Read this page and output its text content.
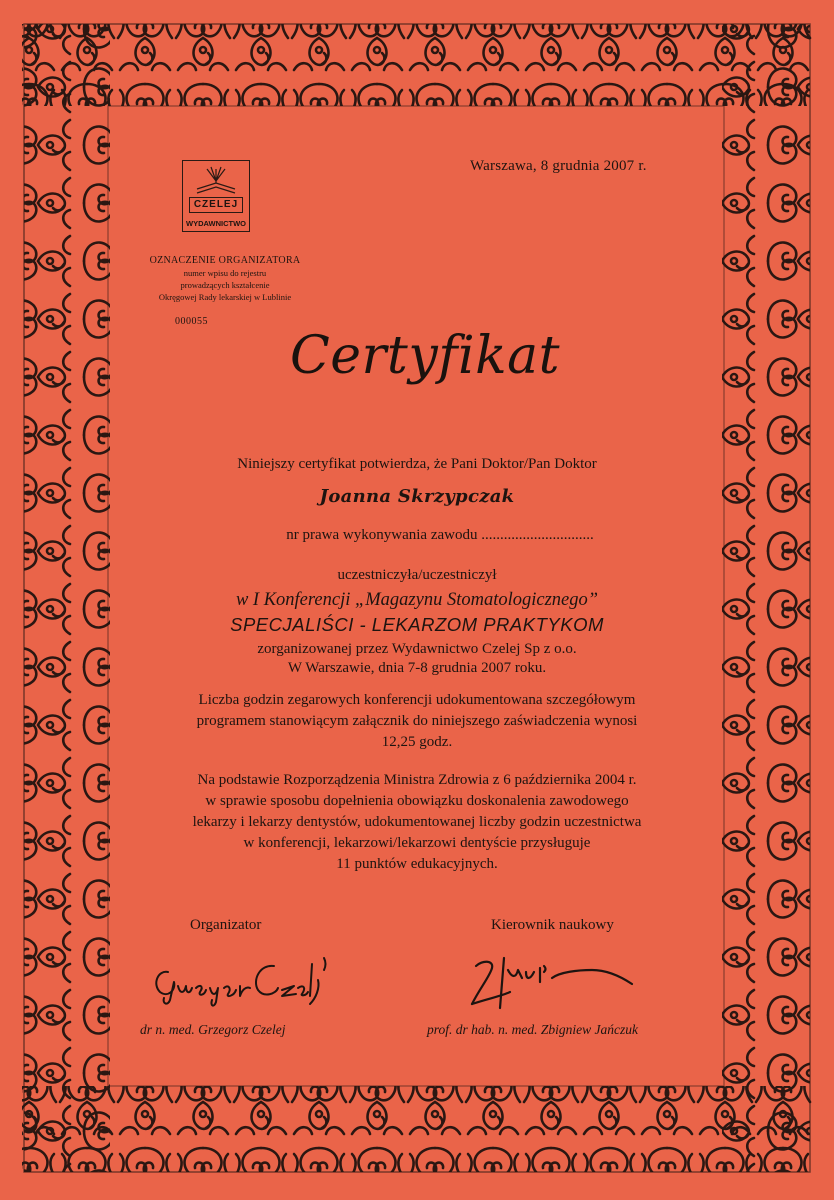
Warszawa, 8 grudnia 2007 r.
CZELEJ
WYDAWNICTWO
OZNACZENIE ORGANIZATORA
numer wpisu do rejestru
prowadzących kształcenie
Okręgowej Rady lekarskiej w Lublinie
000055
Certyfikat
Niniejszy certyfikat potwierdza, że Pani Doktor/Pan Doktor
Joanna Skrzypczak
nr prawa wykonywania zawodu ..............................
uczestniczyła/uczestniczył
w I Konferencji „Magazynu Stomatologicznego”
SPECJALIŚCI - LEKARZOM PRAKTYKOM
zorganizowanej przez Wydawnictwo Czelej Sp z o.o.
W Warszawie, dnia 7-8 grudnia 2007 roku.
Liczba godzin zegarowych konferencji udokumentowana szczegółowym
programem stanowiącym załącznik do niniejszego zaświadczenia wynosi
12,25 godz.
Na podstawie Rozporządzenia Ministra Zdrowia z 6 października 2004 r.
w sprawie sposobu dopełnienia obowiązku doskonalenia zawodowego
lekarzy i lekarzy dentystów, udokumentowanej liczby godzin uczestnictwa
w konferencji, lekarzowi/lekarzowi dentyście przysługuje
11 punktów edukacyjnych.
Organizator	Kierownik naukowy
dr n. med. Grzegorz Czelej	prof. dr hab. n. med. Zbigniew Jańczuk
